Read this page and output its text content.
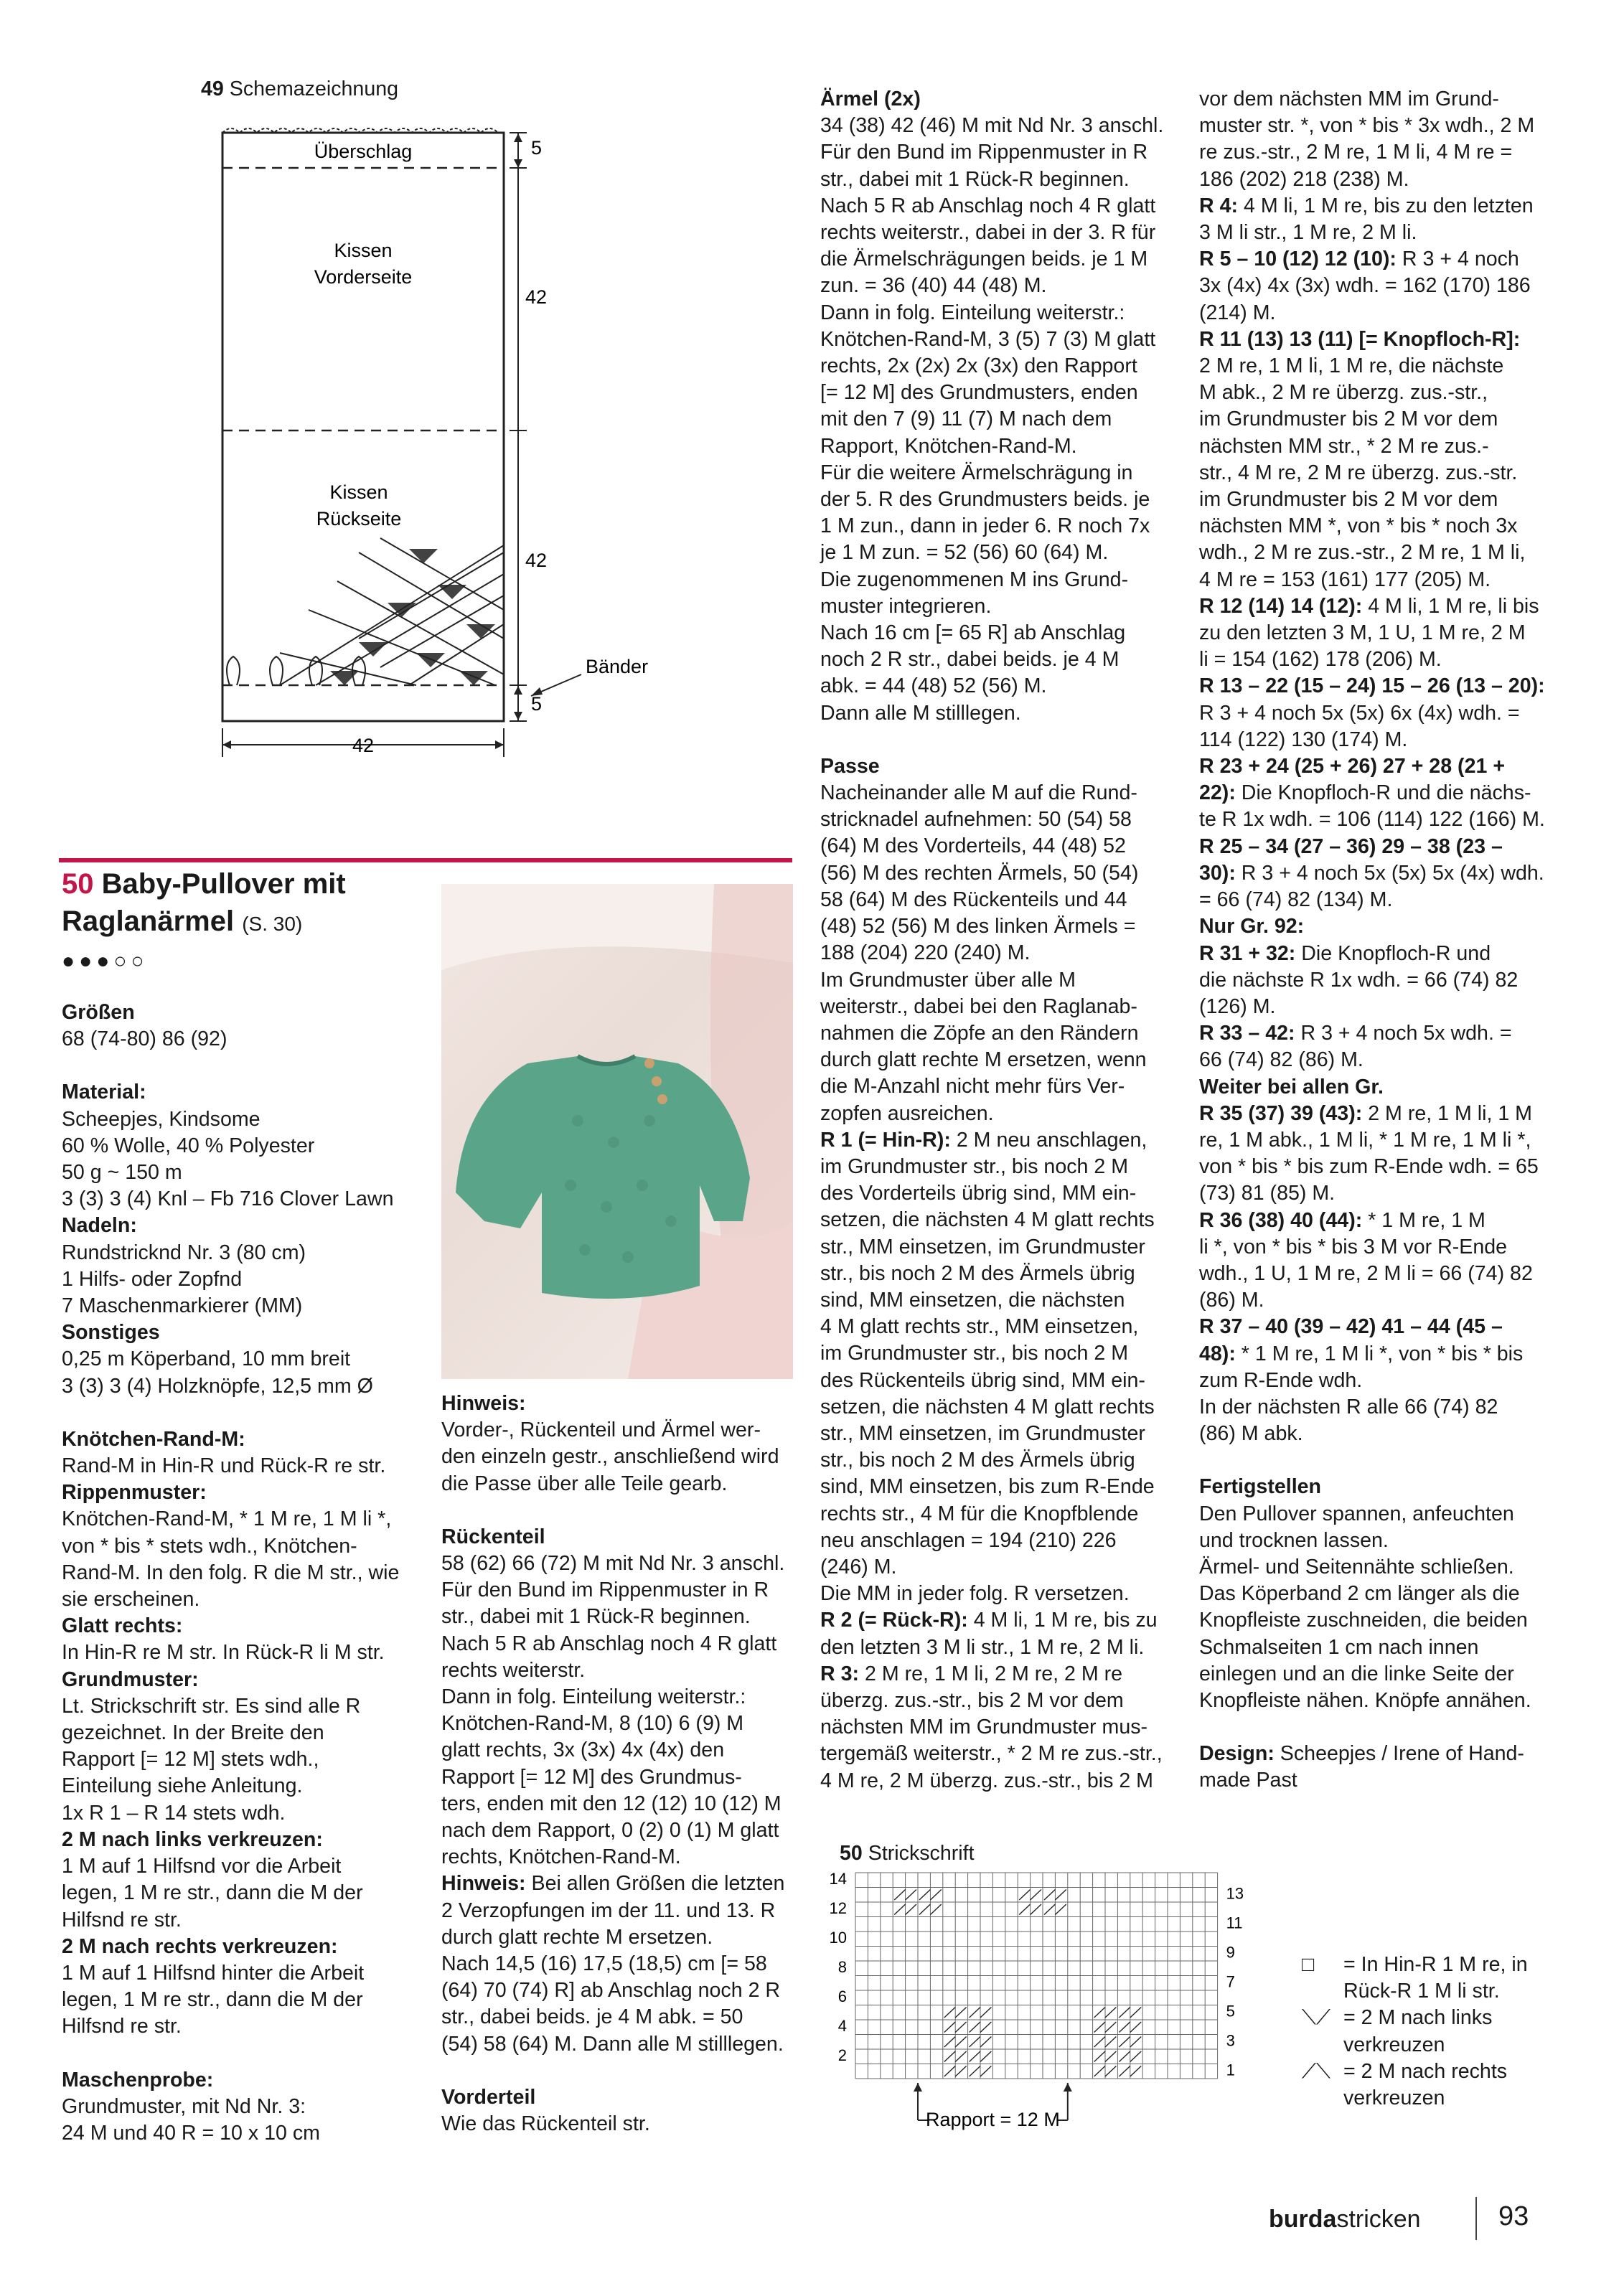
49 Schemazeichnung
Überschlag
Kissen
Vorderseite
Kissen
Rückseite
5
42
42
5
Bänder
42
50 Baby-Pullover mit
Raglanärmel (S. 30)
●●●○○

Größen

68 (74-80) 86 (92)

Material:

Scheepjes, Kindsome

60 % Wolle, 40 % Polyester

50 g ~ 150 m

3 (3) 3 (4) Knl – Fb 716 Clover Lawn

Nadeln:

Rundstricknd Nr. 3 (80 cm)

1 Hilfs- oder Zopfnd

7 Maschenmarkierer (MM)

Sonstiges

0,25 m Köperband, 10 mm breit

3 (3) 3 (4) Holzknöpfe, 12,5 mm Ø

Knötchen-Rand-M:

Rand-M in Hin-R und Rück-R re str.

Rippenmuster:

Knötchen-Rand-M, * 1 M re, 1 M li *,

von * bis * stets wdh., Knötchen-

Rand-M. In den folg. R die M str., wie

sie erscheinen.

Glatt rechts:

In Hin-R re M str. In Rück-R li M str.

Grundmuster:

Lt. Strickschrift str. Es sind alle R

gezeichnet. In der Breite den

Rapport [= 12 M] stets wdh.,

Einteilung siehe Anleitung.

1x R 1 – R 14 stets wdh.

2 M nach links verkreuzen:

1 M auf 1 Hilfsnd vor die Arbeit

legen, 1 M re str., dann die M der

Hilfsnd re str.

2 M nach rechts verkreuzen:

1 M auf 1 Hilfsnd hinter die Arbeit

legen, 1 M re str., dann die M der

Hilfsnd re str.

Maschenprobe:

Grundmuster, mit Nd Nr. 3:

24 M und 40 R = 10 x 10 cm

Hinweis:

Vorder-, Rückenteil und Ärmel wer-

den einzeln gestr., anschließend wird

die Passe über alle Teile gearb.

Rückenteil

58 (62) 66 (72) M mit Nd Nr. 3 anschl.

Für den Bund im Rippenmuster in R

str., dabei mit 1 Rück-R beginnen.

Nach 5 R ab Anschlag noch 4 R glatt

rechts weiterstr.

Dann in folg. Einteilung weiterstr.:

Knötchen-Rand-M, 8 (10) 6 (9) M

glatt rechts, 3x (3x) 4x (4x) den

Rapport [= 12 M] des Grundmus-

ters, enden mit den 12 (12) 10 (12) M

nach dem Rapport, 0 (2) 0 (1) M glatt

rechts, Knötchen-Rand-M.

Hinweis: Bei allen Größen die letzten

2 Verzopfungen im der 11. und 13. R

durch glatt rechte M ersetzen.

Nach 14,5 (16) 17,5 (18,5) cm [= 58

(64) 70 (74) R] ab Anschlag noch 2 R

str., dabei beids. je 4 M abk. = 50

(54) 58 (64) M. Dann alle M stilllegen.

Vorderteil

Wie das Rückenteil str.

Ärmel (2x)

34 (38) 42 (46) M mit Nd Nr. 3 anschl.

Für den Bund im Rippenmuster in R

str., dabei mit 1 Rück-R beginnen.

Nach 5 R ab Anschlag noch 4 R glatt

rechts weiterstr., dabei in der 3. R für

die Ärmelschrägungen beids. je 1 M

zun. = 36 (40) 44 (48) M.

Dann in folg. Einteilung weiterstr.:

Knötchen-Rand-M, 3 (5) 7 (3) M glatt

rechts, 2x (2x) 2x (3x) den Rapport

[= 12 M] des Grundmusters, enden

mit den 7 (9) 11 (7) M nach dem

Rapport, Knötchen-Rand-M.

Für die weitere Ärmelschrägung in

der 5. R des Grundmusters beids. je

1 M zun., dann in jeder 6. R noch 7x

je 1 M zun. = 52 (56) 60 (64) M.

Die zugenommenen M ins Grund-

muster integrieren.

Nach 16 cm [= 65 R] ab Anschlag

noch 2 R str., dabei beids. je 4 M

abk. = 44 (48) 52 (56) M.

Dann alle M stilllegen.

Passe

Nacheinander alle M auf die Rund-

stricknadel aufnehmen: 50 (54) 58

(64) M des Vorderteils, 44 (48) 52

(56) M des rechten Ärmels, 50 (54)

58 (64) M des Rückenteils und 44

(48) 52 (56) M des linken Ärmels =

188 (204) 220 (240) M.

Im Grundmuster über alle M

weiterstr., dabei bei den Raglanab-

nahmen die Zöpfe an den Rändern

durch glatt rechte M ersetzen, wenn

die M-Anzahl nicht mehr fürs Ver-

zopfen ausreichen.

R 1 (= Hin-R): 2 M neu anschlagen,

im Grundmuster str., bis noch 2 M

des Vorderteils übrig sind, MM ein-

setzen, die nächsten 4 M glatt rechts

str., MM einsetzen, im Grundmuster

str., bis noch 2 M des Ärmels übrig

sind, MM einsetzen, die nächsten

4 M glatt rechts str., MM einsetzen,

im Grundmuster str., bis noch 2 M

des Rückenteils übrig sind, MM ein-

setzen, die nächsten 4 M glatt rechts

str., MM einsetzen, im Grundmuster

str., bis noch 2 M des Ärmels übrig

sind, MM einsetzen, bis zum R-Ende

rechts str., 4 M für die Knopfblende

neu anschlagen = 194 (210) 226

(246) M.

Die MM in jeder folg. R versetzen.

R 2 (= Rück-R): 4 M li, 1 M re, bis zu

den letzten 3 M li str., 1 M re, 2 M li.

R 3: 2 M re, 1 M li, 2 M re, 2 M re

überzg. zus.-str., bis 2 M vor dem

nächsten MM im Grundmuster mus-

tergemäß weiterstr., * 2 M re zus.-str.,

4 M re, 2 M überzg. zus.-str., bis 2 M

vor dem nächsten MM im Grund-

muster str. *, von * bis * 3x wdh., 2 M

re zus.-str., 2 M re, 1 M li, 4 M re =

186 (202) 218 (238) M.

R 4: 4 M li, 1 M re, bis zu den letzten

3 M li str., 1 M re, 2 M li.

R 5 – 10 (12) 12 (10): R 3 + 4 noch

3x (4x) 4x (3x) wdh. = 162 (170) 186

(214) M.

R 11 (13) 13 (11) [= Knopfloch-R]:

2 M re, 1 M li, 1 M re, die nächste

M abk., 2 M re überzg. zus.-str.,

im Grundmuster bis 2 M vor dem

nächsten MM str., * 2 M re zus.-

str., 4 M re, 2 M re überzg. zus.-str.

im Grundmuster bis 2 M vor dem

nächsten MM *, von * bis * noch 3x

wdh., 2 M re zus.-str., 2 M re, 1 M li,

4 M re = 153 (161) 177 (205) M.

R 12 (14) 14 (12): 4 M li, 1 M re, li bis

zu den letzten 3 M, 1 U, 1 M re, 2 M

li = 154 (162) 178 (206) M.

R 13 – 22 (15 – 24) 15 – 26 (13 – 20):

R 3 + 4 noch 5x (5x) 6x (4x) wdh. =

114 (122) 130 (174) M.

R 23 + 24 (25 + 26) 27 + 28 (21 +

22): Die Knopfloch-R und die nächs-

te R 1x wdh. = 106 (114) 122 (166) M.

R 25 – 34 (27 – 36) 29 – 38 (23 –

30): R 3 + 4 noch 5x (5x) 5x (4x) wdh.

= 66 (74) 82 (134) M.

Nur Gr. 92:

R 31 + 32: Die Knopfloch-R und

die nächste R 1x wdh. = 66 (74) 82

(126) M.

R 33 – 42: R 3 + 4 noch 5x wdh. =

66 (74) 82 (86) M.

Weiter bei allen Gr.

R 35 (37) 39 (43): 2 M re, 1 M li, 1 M

re, 1 M abk., 1 M li, * 1 M re, 1 M li *,

von * bis * bis zum R-Ende wdh. = 65

(73) 81 (85) M.

R 36 (38) 40 (44): * 1 M re, 1 M

li *, von * bis * bis 3 M vor R-Ende

wdh., 1 U, 1 M re, 2 M li = 66 (74) 82

(86) M.

R 37 – 40 (39 – 42) 41 – 44 (45 –

48): * 1 M re, 1 M li *, von * bis * bis

zum R-Ende wdh.

In der nächsten R alle 66 (74) 82

(86) M abk.

Fertigstellen

Den Pullover spannen, anfeuchten

und trocknen lassen.

Ärmel- und Seitennähte schließen.

Das Köperband 2 cm länger als die

Knopfleiste zuschneiden, die beiden

Schmalseiten 1 cm nach innen

einlegen und an die linke Seite der

Knopfleiste nähen. Knöpfe annähen.

Design: Scheepjes / Irene of Hand-

made Past

50 Strickschrift
14
12
10
8
6
4
2
13
11
9
7
5
3
1
Rapport = 12 M
□	= In Hin-R 1 M re, in
Rück-R 1 M li str.
⟍⟋ = 2 M nach links
verkreuzen
⟋⟍ = 2 M nach rechts
verkreuzen
burdastricken	93
